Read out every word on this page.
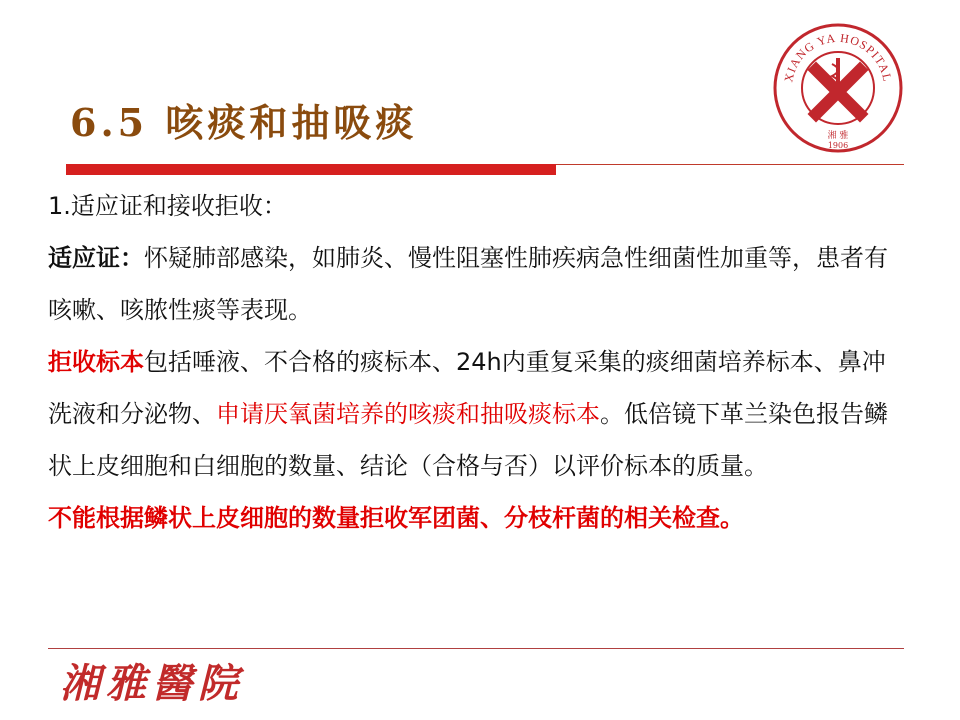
XIANG YA HOSPITAL
湘 雅
1906
6.5 咳痰和抽吸痰

1.适应证和接收拒收：

适应证：怀疑肺部感染，如肺炎、慢性阻塞性肺疾病急性细菌性加重等，患者有咳嗽、咳脓性痰等表现。

拒收标本包括唾液、不合格的痰标本、24h内重复采集的痰细菌培养标本、鼻冲洗液和分泌物、申请厌氧菌培养的咳痰和抽吸痰标本。低倍镜下革兰染色报告鳞状上皮细胞和白细胞的数量、结论（合格与否）以评价标本的质量。

不能根据鳞状上皮细胞的数量拒收军团菌、分枝杆菌的相关检查。

湘雅醫院
